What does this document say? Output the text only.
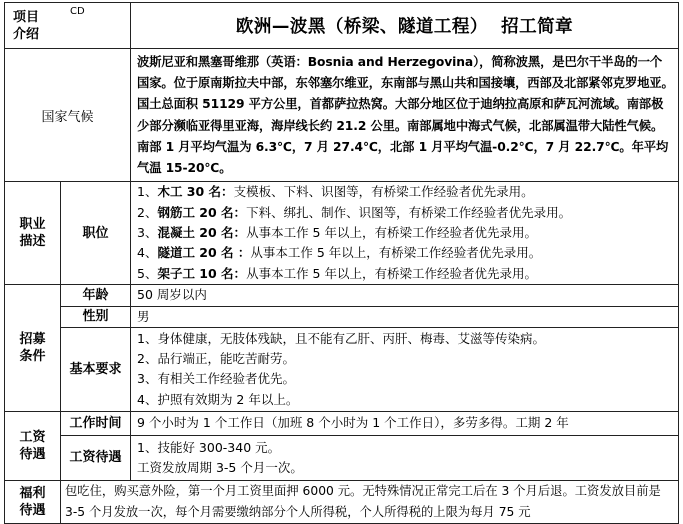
CD
项目介绍		欧洲—波黑（桥梁、隧道工程）  招工简章
国家气候		波斯尼亚和黑塞哥维那（英语：Bosnia and Herzegovina），简称波黑，是巴尔干半岛的一个国家。位于原南斯拉夫中部，东邻塞尔维亚，东南部与黑山共和国接壤，西部及北部紧邻克罗地亚。国土总面积 51129 平方公里，首都萨拉热窝。大部分地区位于迪纳拉高原和萨瓦河流域。南部极少部分濒临亚得里亚海，海岸线长约 21.2 公里。南部属地中海式气候，北部属温带大陆性气候。南部 1 月平均气温为 6.3℃，7 月 27.4℃，北部 1 月平均气温-0.2℃，7 月 22.7℃。年平均气温 15-20℃。

职业描述	职位	1、木工 30 名：支模板、下料、识图等，有桥梁工作经验者优先录用。
2、钢筋工 20 名：下料、绑扎、制作、识图等，有桥梁工作经验者优先录用。
3、混凝土 20 名：从事本工作 5 年以上，有桥梁工作经验者优先录用。
4、隧道工 20 名 ：从事本工作 5 年以上，有桥梁工作经验者优先录用。
5、架子工 10 名：从事本工作 5 年以上，有桥梁工作经验者优先录用。

招募条件	年龄	50 周岁以内

	性别	男

	基本要求	1、身体健康，无肢体残缺，且不能有乙肝、丙肝、梅毒、艾滋等传染病。
2、品行端正，能吃苦耐劳。
3、有相关工作经验者优先。
4、护照有效期为 2 年以上。

工资待遇	工作时间	9 个小时为 1 个工作日（加班 8 个小时为 1 个工作日），多劳多得。工期 2 年

	工资待遇	1、技能好 300-340 元。
工资发放周期 3-5 个月一次。

福利待遇	包吃住，购买意外险，第一个月工资里面押 6000 元。无特殊情况正常完工后在 3 个月后退。工资发放目前是 3-5 个月发放一次，每个月需要缴纳部分个人所得税，个人所得税的上限为每月 75 元	
